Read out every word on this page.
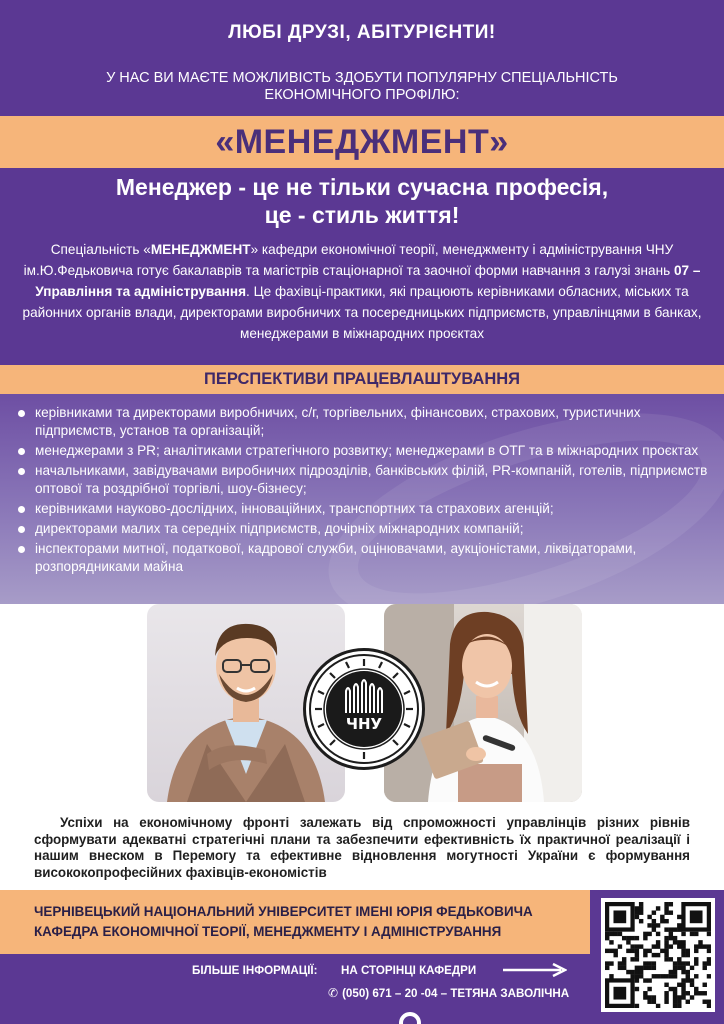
ЛЮБІ ДРУЗІ, АБІТУРІЄНТИ!
У НАС ВИ МАЄТЕ МОЖЛИВІСТЬ ЗДОБУТИ ПОПУЛЯРНУ СПЕЦІАЛЬНІСТЬ ЕКОНОМІЧНОГО ПРОФІЛЮ:
«МЕНЕДЖМЕНТ»
Менеджер - це не тільки сучасна професія,
це - стиль життя!
Спеціальність «МЕНЕДЖМЕНТ» кафедри економічної теорії, менеджменту і адміністрування ЧНУ ім.Ю.Федьковича готує бакалаврів та магістрів стаціонарної та заочної форми навчання з галузі знань 07 – Управління та адміністрування. Це фахівці-практики, які працюють керівниками обласних, міських та районних органів влади, директорами виробничих та посередницьких підприємств, управлінцями в банках, менеджерами в міжнародних проєктах
ПЕРСПЕКТИВИ ПРАЦЕВЛАШТУВАННЯ
керівниками та директорами виробничих, с/г, торгівельних, фінансових, страхових, туристичних підприємств, установ та організацій;
менеджерами з PR; аналітиками стратегічного розвитку; менеджерами в ОТГ та в міжнародних проєктах
начальниками, завідувачами виробничих підрозділів, банківських філій, PR-компаній, готелів, підприємств оптової та роздрібної торгівлі, шоу-бізнесу;
керівниками науково-дослідних, інноваційних, транспортних та страхових агенцій;
директорами малих та середніх підприємств, дочірніх міжнародних компаній;
інспекторами митної, податкової, кадрової служби, оцінювачами, аукціоністами, ліквідаторами, розпорядниками майна
ЧНУ
Успіхи на економічному фронті залежать від спроможності управлінців різних рівнів сформувати адекватні стратегічні плани та забезпечити ефективність їх практичної реалізації і нашим внеском в Перемогу та ефективне відновлення могутності України є формування висококопрофесійних фахівців-економістів
ЧЕРНІВЕЦЬКИЙ НАЦІОНАЛЬНИЙ УНІВЕРСИТЕТ ІМЕНІ ЮРІЯ ФЕДЬКОВИЧА
КАФЕДРА ЕКОНОМІЧНОЇ ТЕОРІЇ, МЕНЕДЖМЕНТУ І АДМІНІСТРУВАННЯ
БІЛЬШЕ ІНФОРМАЦІЇ: НА СТОРІНЦІ КАФЕДРИ
✆ (050) 671 – 20 -04 – ТЕТЯНА ЗАВОЛІЧНА
